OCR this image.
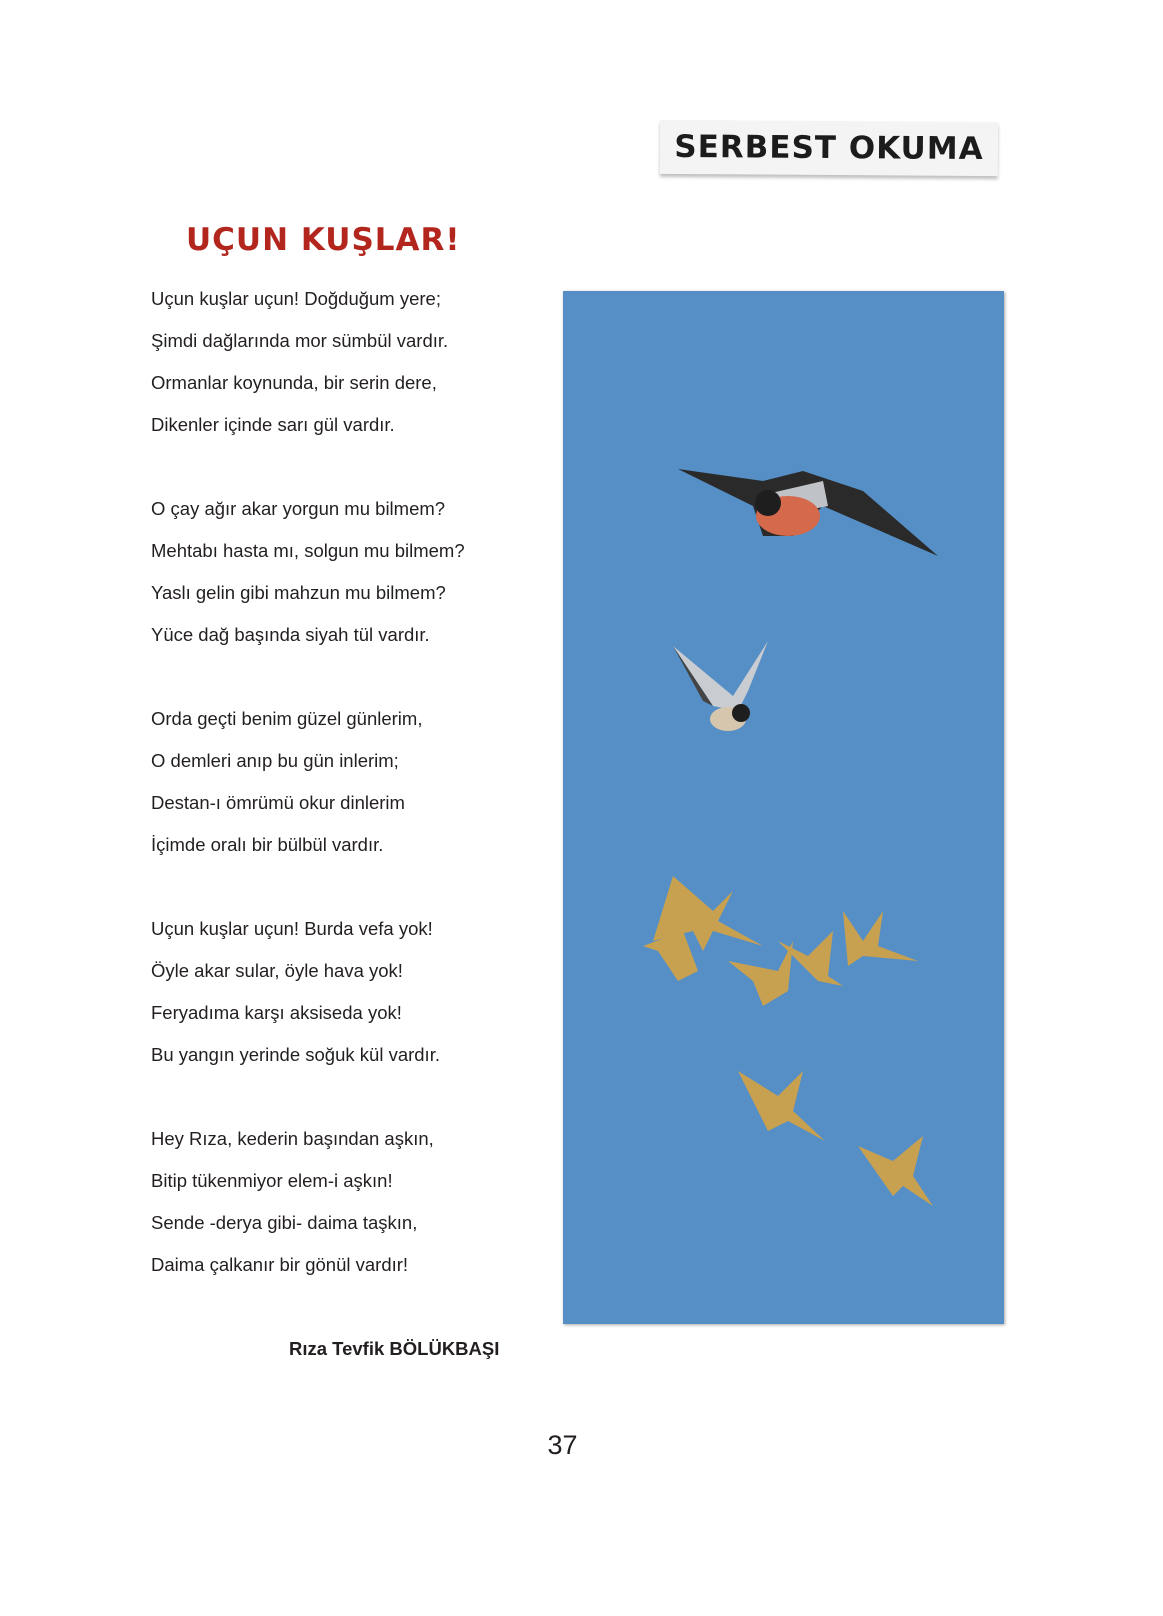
SERBEST OKUMA
UÇUN KUŞLAR!
Uçun kuşlar uçun! Doğduğum yere;
Şimdi dağlarında mor sümbül vardır.
Ormanlar koynunda, bir serin dere,
Dikenler içinde sarı gül vardır.
O çay ağır akar yorgun mu bilmem?
Mehtabı hasta mı, solgun mu bilmem?
Yaslı gelin gibi mahzun mu bilmem?
Yüce dağ başında siyah tül vardır.
Orda geçti benim güzel günlerim,
O demleri anıp bu gün inlerim;
Destan-ı ömrümü okur dinlerim
İçimde oralı bir bülbül vardır.
Uçun kuşlar uçun! Burda vefa yok!
Öyle akar sular, öyle hava yok!
Feryadıma karşı aksiseda yok!
Bu yangın yerinde soğuk kül vardır.
Hey Rıza, kederin başından aşkın,
Bitip tükenmiyor elem-i aşkın!
Sende -derya gibi- daima taşkın,
Daima çalkanır bir gönül vardır!
Rıza Tevfik BÖLÜKBAŞI
37
